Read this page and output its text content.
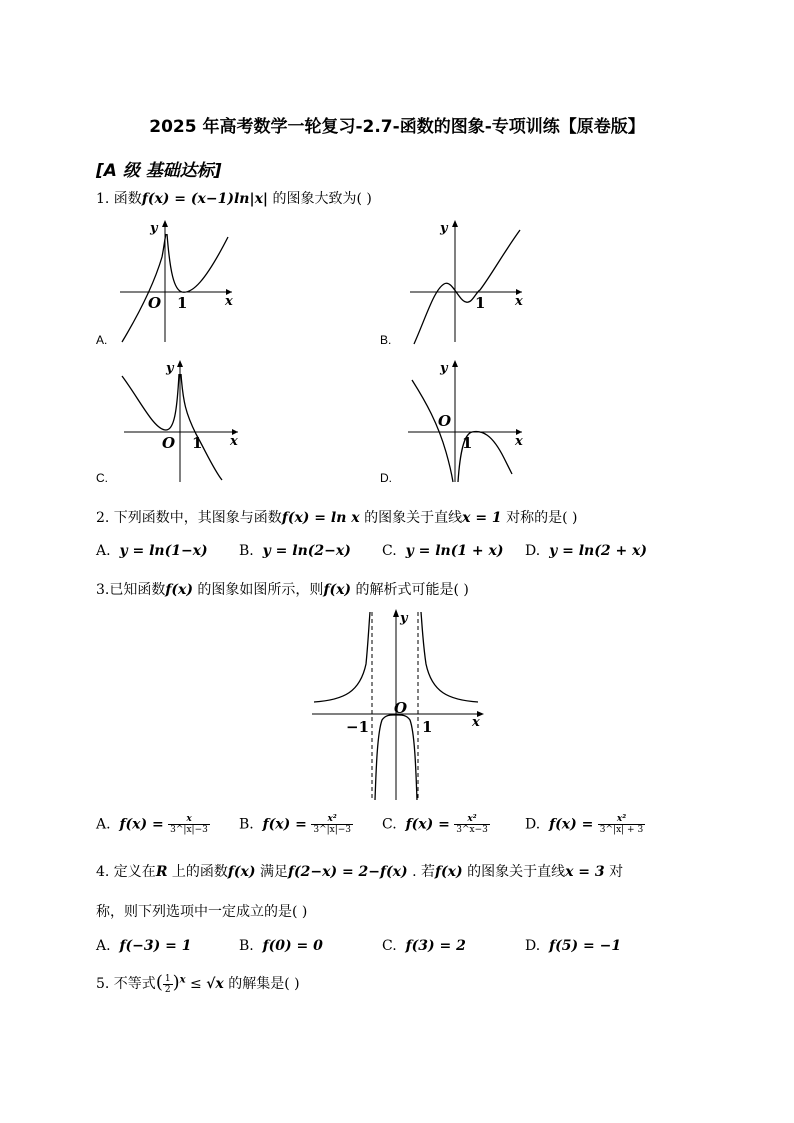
2025 年高考数学一轮复习-2.7-函数的图象-专项训练【原卷版】
[A 级 基础达标]
1. 函数f(x) = (x−1)ln|x| 的图象大致为( )
y
O 1	x
A.
y
1 x
B.
y
O 1 x
C.
y
O
1	x
D.
2. 下列函数中，其图象与函数f(x) = ln x 的图象关于直线x = 1 对称的是( )
A. y = ln(1−x) B. y = ln(2−x) C. y = ln(1 + x) D. y = ln(2 + x)
3.已知函数f(x) 的图象如图所示，则f(x) 的解析式可能是( )
y
O
−1	1	x
A. $f(x) = \frac{x}{3\^{}|x|-3} B$. $f(x) = \frac{\text{x²}}{3\^{}|x|-3} C$. $f(x) = \frac{\text{x²}}{3\^{}x-3}$	D. $f(x) = \frac{\text{x²}}{3\^{}|x| + 3}$
4. 定义在R 上的函数f(x) 满足f(2−x) = 2−f(x) . 若f(x) 的图象关于直线x = 3 对
称，则下列选项中一定成立的是( )
A. f(−3) = 1	B. f(0) = 0	C. f(3) = 2	D. f(5) = −1
5. 不等式( $\frac{1}{2} )^x \le √x$ 的解集是( )
